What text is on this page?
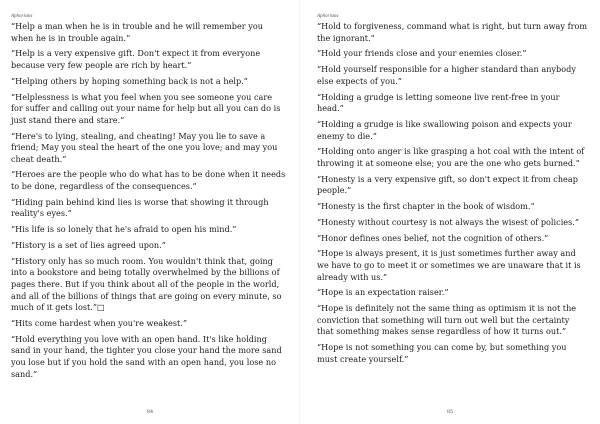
Aphorisms
“Help a man when he is in trouble and he will remember you when he is in trouble again.”
“Help is a very expensive gift. Don't expect it from everyone because very few people are rich by heart.”
“Helping others by hoping something back is not a help.”
“Helplessness is what you feel when you see someone you care for suffer and calling out your name for help but all you can do is just stand there and stare.”
“Here's to lying, stealing, and cheating! May you lie to save a friend; May you steal the heart of the one you love; and may you cheat death.”
“Heroes are the people who do what has to be done when it needs to be done, regardless of the consequences.”
“Hiding pain behind kind lies is worse that showing it through reality's eyes.”
“His life is so lonely that he's afraid to open his mind.”
“History is a set of lies agreed upon.”
“History only has so much room. You wouldn't think that, going into a bookstore and being totally overwhelmed by the billions of pages there. But if you think about all of the people in the world, and all of the billions of things that are going on every minute, so much of it gets lost.”□
“Hits come hardest when you're weakest.”
“Hold everything you love with an open hand. It's like holding sand in your hand, the tighter you close your hand the more sand you lose but if you hold the sand with an open hand, you lose no sand.”
84
Aphorisms
“Hold to forgiveness, command what is right, but turn away from the ignorant.”
“Hold your friends close and your enemies closer.”
“Hold yourself responsible for a higher standard than anybody else expects of you.”
“Holding a grudge is letting someone live rent-free in your head.”
“Holding a grudge is like swallowing poison and expects your enemy to die.”
“Holding onto anger is like grasping a hot coal with the intent of throwing it at someone else; you are the one who gets burned.”
“Honesty is a very expensive gift, so don't expect it from cheap people.”
“Honesty is the first chapter in the book of wisdom.”
“Honesty without courtesy is not always the wisest of policies.”
“Honor defines ones belief, not the cognition of others.”
“Hope is always present, it is just sometimes further away and we have to go to meet it or sometimes we are unaware that it is already with us.”
“Hope is an expectation raiser.”
“Hope is definitely not the same thing as optimism it is not the conviction that something will turn out well but the certainty that something makes sense regardless of how it turns out.”
“Hope is not something you can come by, but something you must create yourself.”
85
